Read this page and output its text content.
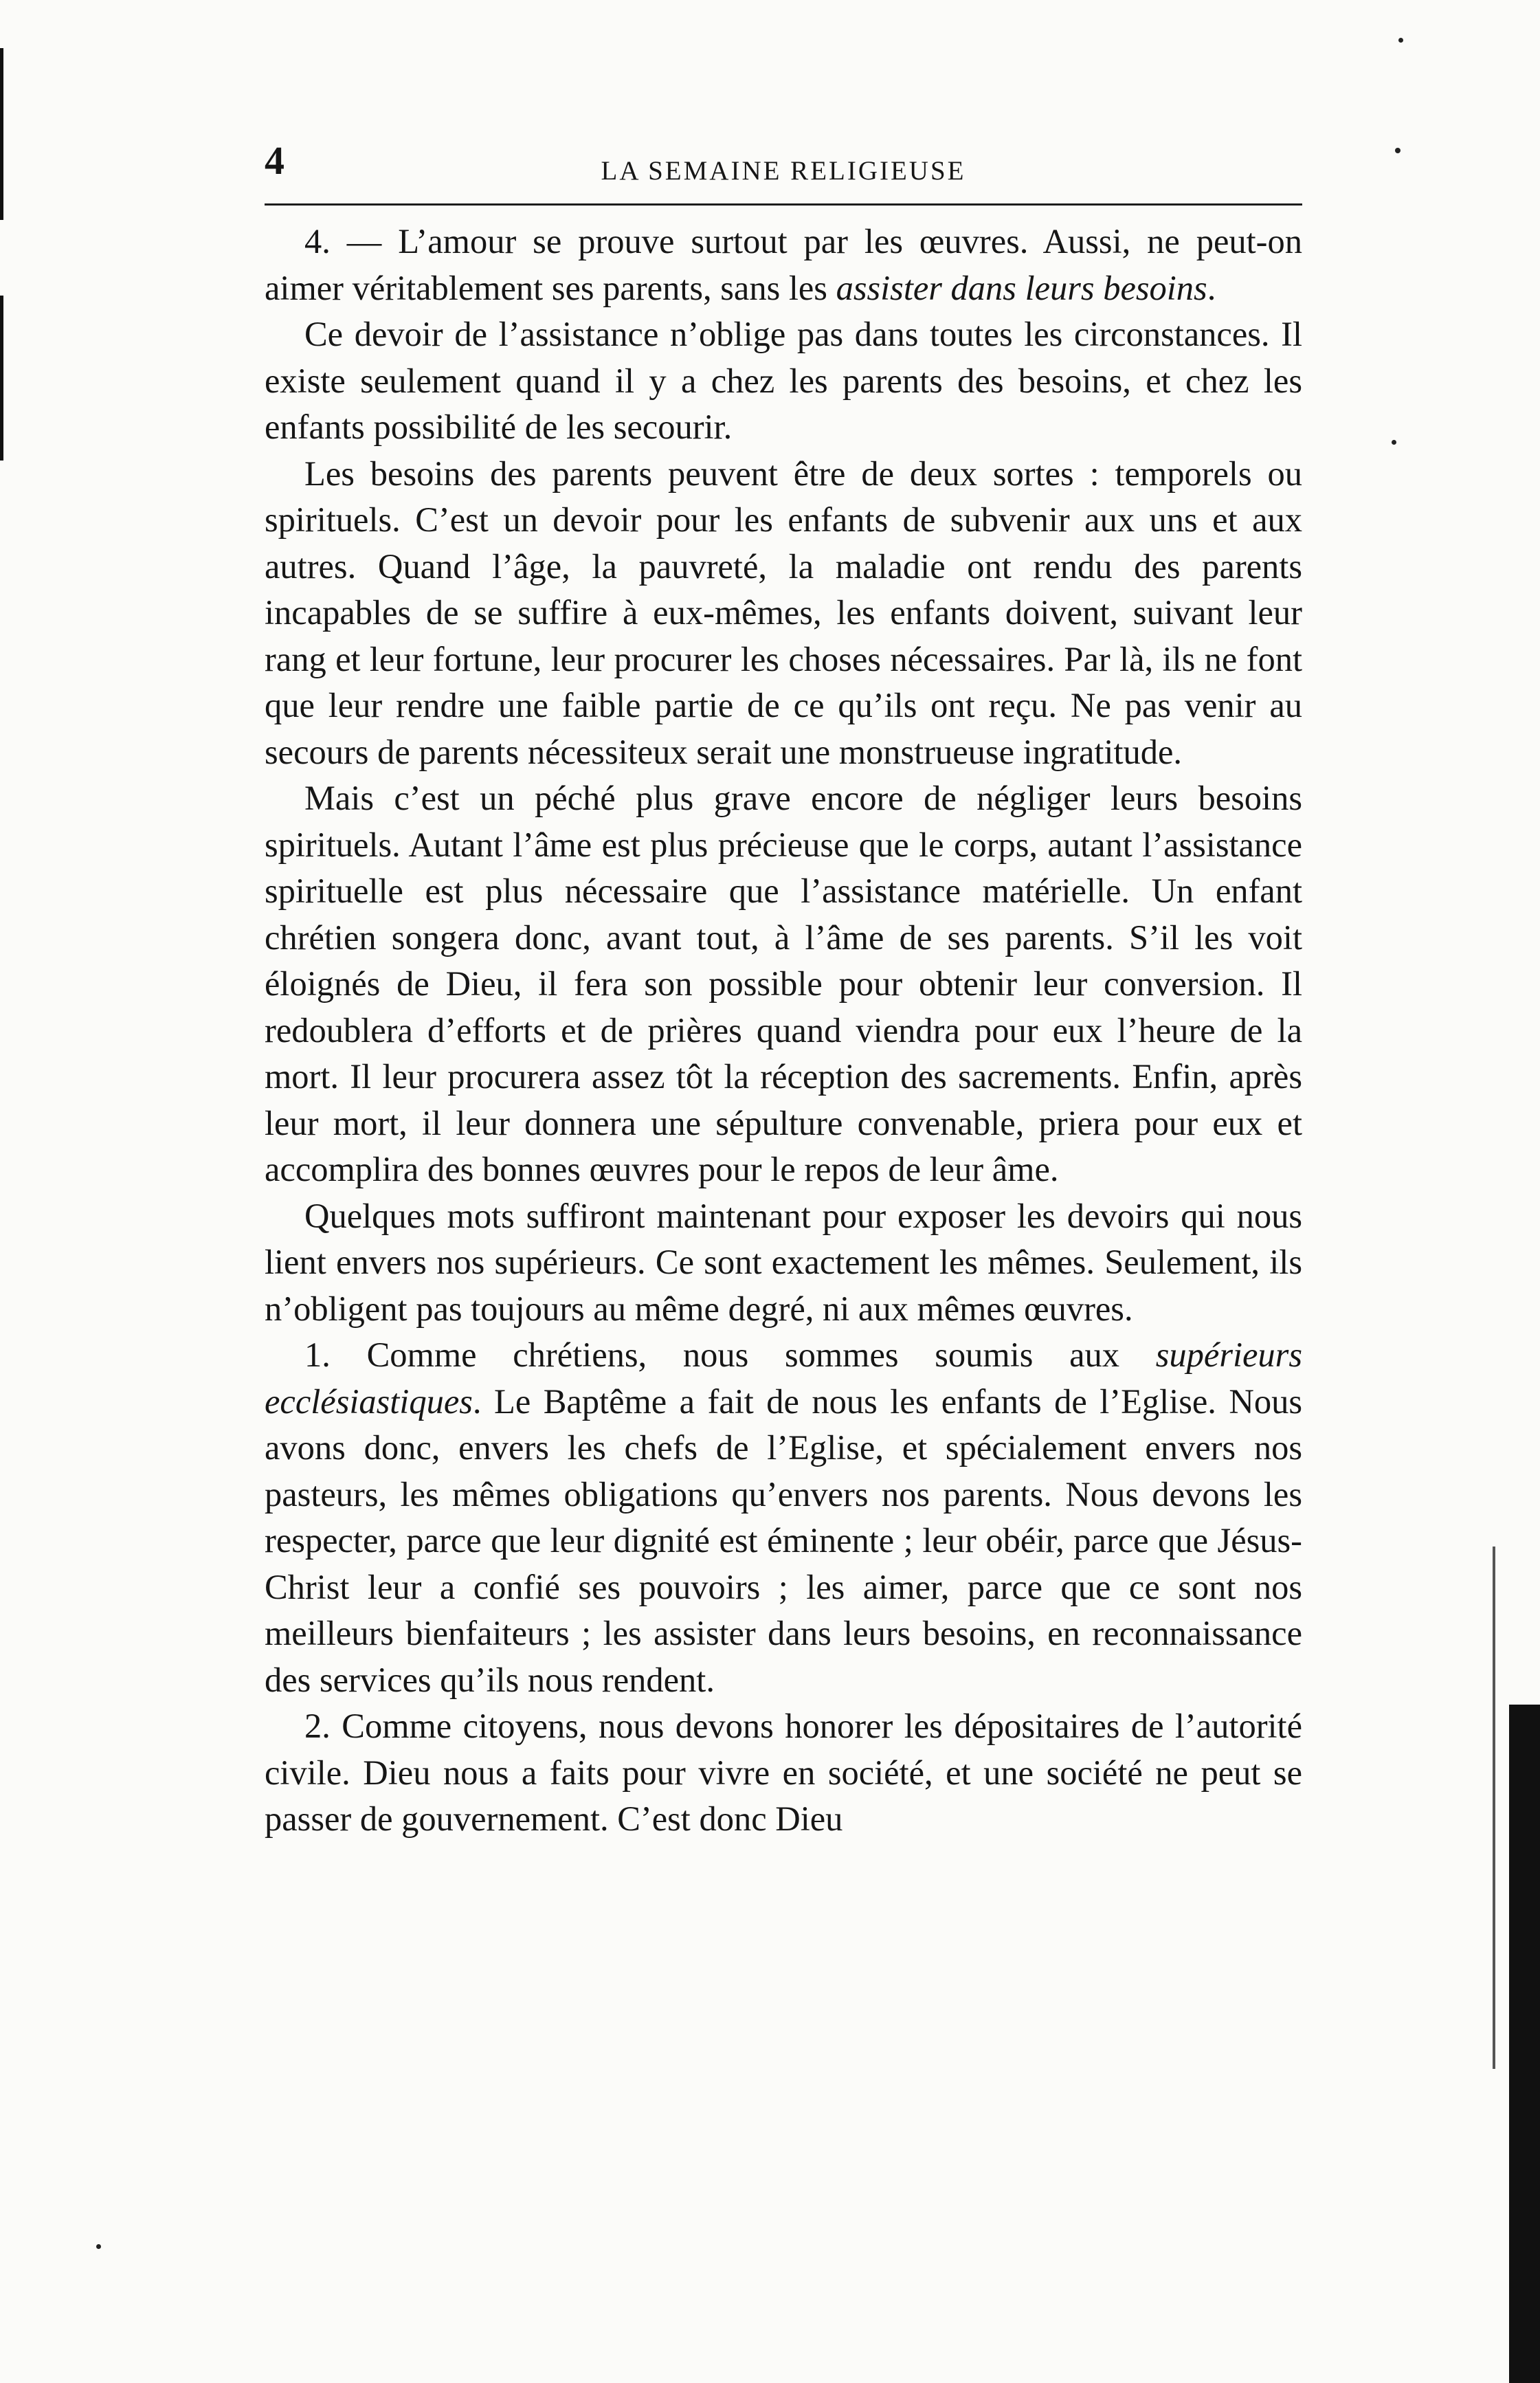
4	LA SEMAINE RELIGIEUSE

4. — L’amour se prouve surtout par les œuvres. Aussi, ne peut-on aimer véritablement ses parents, sans les assister dans leurs besoins.

Ce devoir de l’assistance n’oblige pas dans toutes les circonstances. Il existe seulement quand il y a chez les parents des besoins, et chez les enfants possibilité de les secourir.

Les besoins des parents peuvent être de deux sortes : temporels ou spirituels. C’est un devoir pour les enfants de subvenir aux uns et aux autres. Quand l’âge, la pauvreté, la maladie ont rendu des parents incapables de se suffire à eux-mêmes, les enfants doivent, suivant leur rang et leur fortune, leur procurer les choses nécessaires. Par là, ils ne font que leur rendre une faible partie de ce qu’ils ont reçu. Ne pas venir au secours de parents nécessiteux serait une monstrueuse ingratitude.

Mais c’est un péché plus grave encore de négliger leurs besoins spirituels. Autant l’âme est plus précieuse que le corps, autant l’assistance spirituelle est plus nécessaire que l’assistance matérielle. Un enfant chrétien songera donc, avant tout, à l’âme de ses parents. S’il les voit éloignés de Dieu, il fera son possible pour obtenir leur conversion. Il redoublera d’efforts et de prières quand viendra pour eux l’heure de la mort. Il leur procurera assez tôt la réception des sacrements. Enfin, après leur mort, il leur donnera une sépulture convenable, priera pour eux et accomplira des bonnes œuvres pour le repos de leur âme.

Quelques mots suffiront maintenant pour exposer les devoirs qui nous lient envers nos supérieurs. Ce sont exactement les mêmes. Seulement, ils n’obligent pas toujours au même degré, ni aux mêmes œuvres.

1. Comme chrétiens, nous sommes soumis aux supérieurs ecclésiastiques. Le Baptême a fait de nous les enfants de l’Eglise. Nous avons donc, envers les chefs de l’Eglise, et spécialement envers nos pasteurs, les mêmes obligations qu’envers nos parents. Nous devons les respecter, parce que leur dignité est éminente ; leur obéir, parce que Jésus-Christ leur a confié ses pouvoirs ; les aimer, parce que ce sont nos meilleurs bienfaiteurs ; les assister dans leurs besoins, en reconnaissance des services qu’ils nous rendent.

2. Comme citoyens, nous devons honorer les dépositaires de l’autorité civile. Dieu nous a faits pour vivre en société, et une société ne peut se passer de gouvernement. C’est donc Dieu
